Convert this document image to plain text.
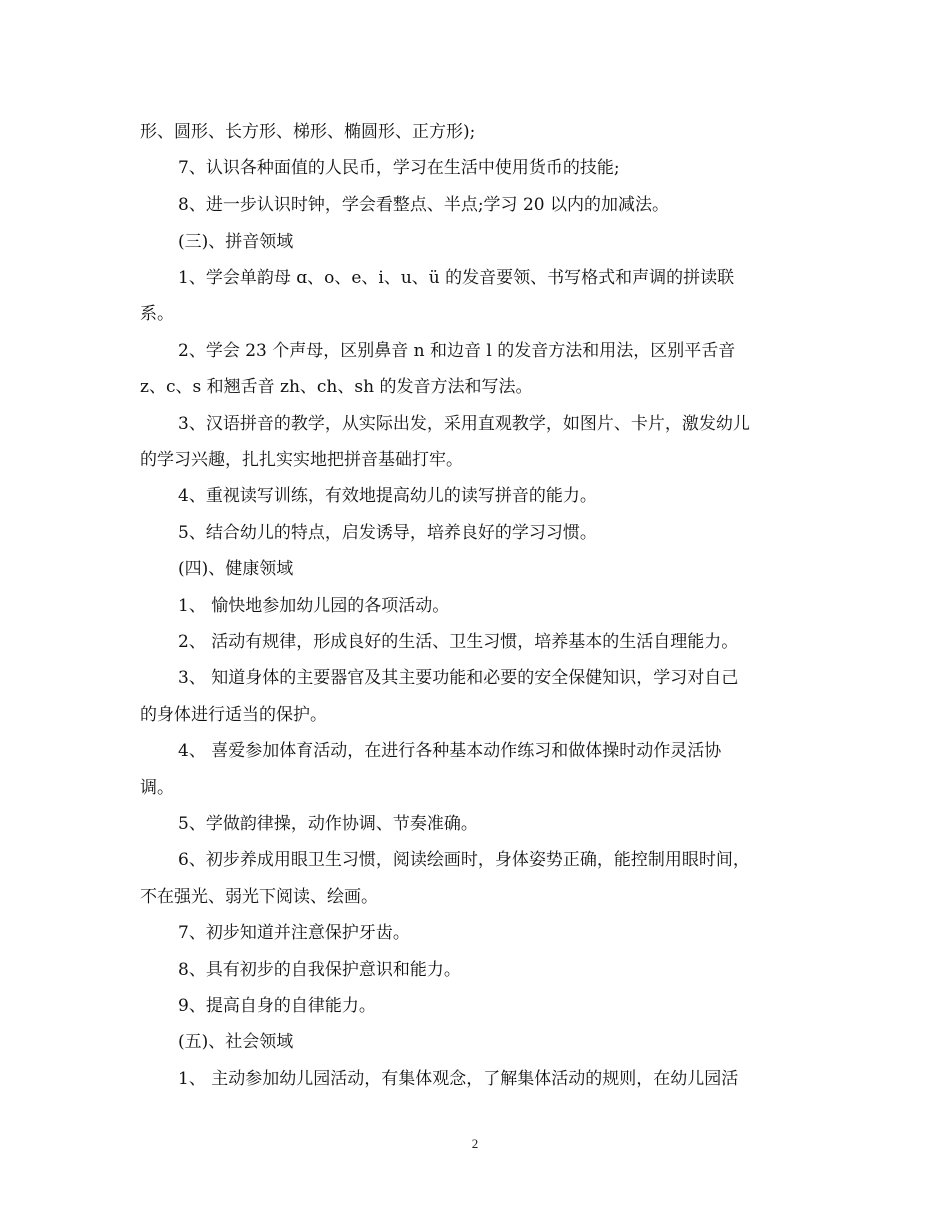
形、圆形、长方形、梯形、椭圆形、正方形);
7、认识各种面值的人民币，学习在生活中使用货币的技能;
8、进一步认识时钟，学会看整点、半点;学习 20 以内的加减法。
(三)、拼音领域
1、学会单韵母 ɑ、o、e、i、u、ü 的发音要领、书写格式和声调的拼读联
系。
2、学会 23 个声母，区别鼻音 n 和边音 l 的发音方法和用法，区别平舌音
z、c、s 和翘舌音 zh、ch、sh 的发音方法和写法。
3、汉语拼音的教学，从实际出发，采用直观教学，如图片、卡片，激发幼儿
的学习兴趣，扎扎实实地把拼音基础打牢。
4、重视读写训练，有效地提高幼儿的读写拼音的能力。
5、结合幼儿的特点，启发诱导，培养良好的学习习惯。
(四)、健康领域
1、 愉快地参加幼儿园的各项活动。
2、 活动有规律，形成良好的生活、卫生习惯，培养基本的生活自理能力。
3、 知道身体的主要器官及其主要功能和必要的安全保健知识，学习对自己
的身体进行适当的保护。
4、 喜爱参加体育活动，在进行各种基本动作练习和做体操时动作灵活协
调。
5、学做韵律操，动作协调、节奏准确。
6、初步养成用眼卫生习惯，阅读绘画时，身体姿势正确，能控制用眼时间，
不在强光、弱光下阅读、绘画。
7、初步知道并注意保护牙齿。
8、具有初步的自我保护意识和能力。
9、提高自身的自律能力。
(五)、社会领域
1、 主动参加幼儿园活动，有集体观念，了解集体活动的规则，在幼儿园活
2
